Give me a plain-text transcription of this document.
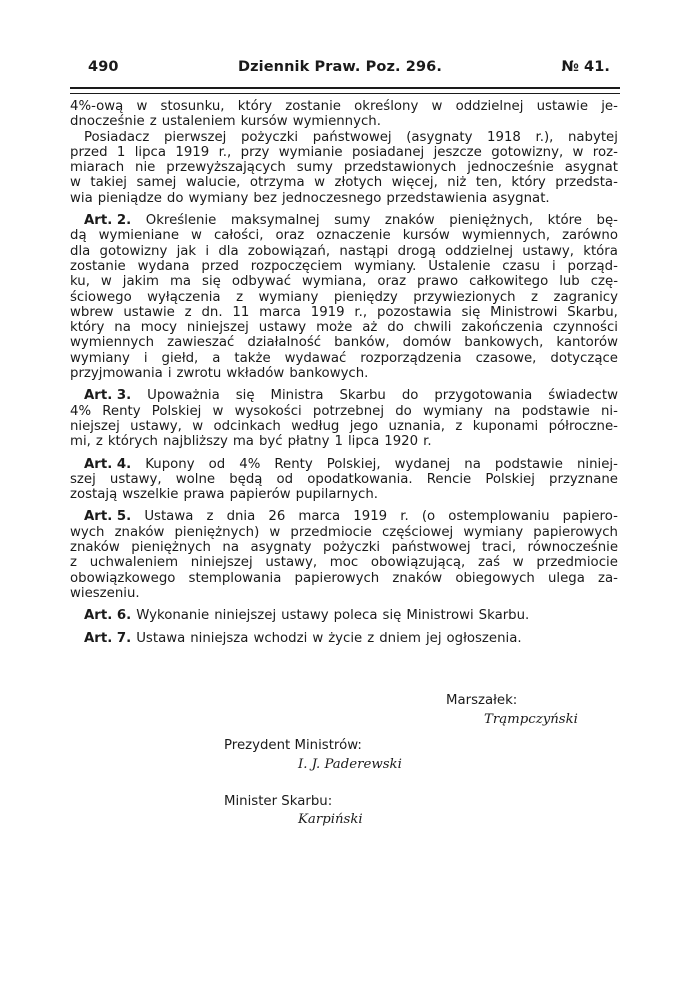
490	Dziennik Praw. Poz. 296.	№ 41.
4%-ową w stosunku, który zostanie określony w oddzielnej ustawie je-
dnocześnie z ustaleniem kursów wymiennych.
Posiadacz pierwszej pożyczki państwowej (asygnaty 1918 r.), nabytej
przed 1 lipca 1919 r., przy wymianie posiadanej jeszcze gotowizny, w roz-
miarach nie przewyższających sumy przedstawionych jednocześnie asygnat
w takiej samej walucie, otrzyma w złotych więcej, niż ten, który przedsta-
wia pieniądze do wymiany bez jednoczesnego przedstawienia asygnat.
Art. 2. Określenie maksymalnej sumy znaków pieniężnych, które bę-
dą wymieniane w całości, oraz oznaczenie kursów wymiennych, zarówno
dla gotowizny jak i dla zobowiązań, nastąpi drogą oddzielnej ustawy, która
zostanie wydana przed rozpoczęciem wymiany. Ustalenie czasu i porząd-
ku, w jakim ma się odbywać wymiana, oraz prawo całkowitego lub czę-
ściowego wyłączenia z wymiany pieniędzy przywiezionych z zagranicy
wbrew ustawie z dn. 11 marca 1919 r., pozostawia się Ministrowi Skarbu,
który na mocy niniejszej ustawy może aż do chwili zakończenia czynności
wymiennych zawieszać działalność banków, domów bankowych, kantorów
wymiany i giełd, a także wydawać rozporządzenia czasowe, dotyczące
przyjmowania i zwrotu wkładów bankowych.
Art. 3. Upoważnia się Ministra Skarbu do przygotowania świadectw
4% Renty Polskiej w wysokości potrzebnej do wymiany na podstawie ni-
niejszej ustawy, w odcinkach według jego uznania, z kuponami półroczne-
mi, z których najbliższy ma być płatny 1 lipca 1920 r.
Art. 4. Kupony od 4% Renty Polskiej, wydanej na podstawie niniej-
szej ustawy, wolne będą od opodatkowania. Rencie Polskiej przyznane
zostają wszelkie prawa papierów pupilarnych.
Art. 5. Ustawa z dnia 26 marca 1919 r. (o ostemplowaniu papiero-
wych znaków pieniężnych) w przedmiocie częściowej wymiany papierowych
znaków pieniężnych na asygnaty pożyczki państwowej traci, równocześnie
z uchwaleniem niniejszej ustawy, moc obowiązującą, zaś w przedmiocie
obowiązkowego stemplowania papierowych znaków obiegowych ulega za-
wieszeniu.
Art. 6. Wykonanie niniejszej ustawy poleca się Ministrowi Skarbu.
Art. 7. Ustawa niniejsza wchodzi w życie z dniem jej ogłoszenia.
Marszałek:
Trąmpczyński
Prezydent Ministrów:
I. J. Paderewski
Minister Skarbu:
Karpiński
